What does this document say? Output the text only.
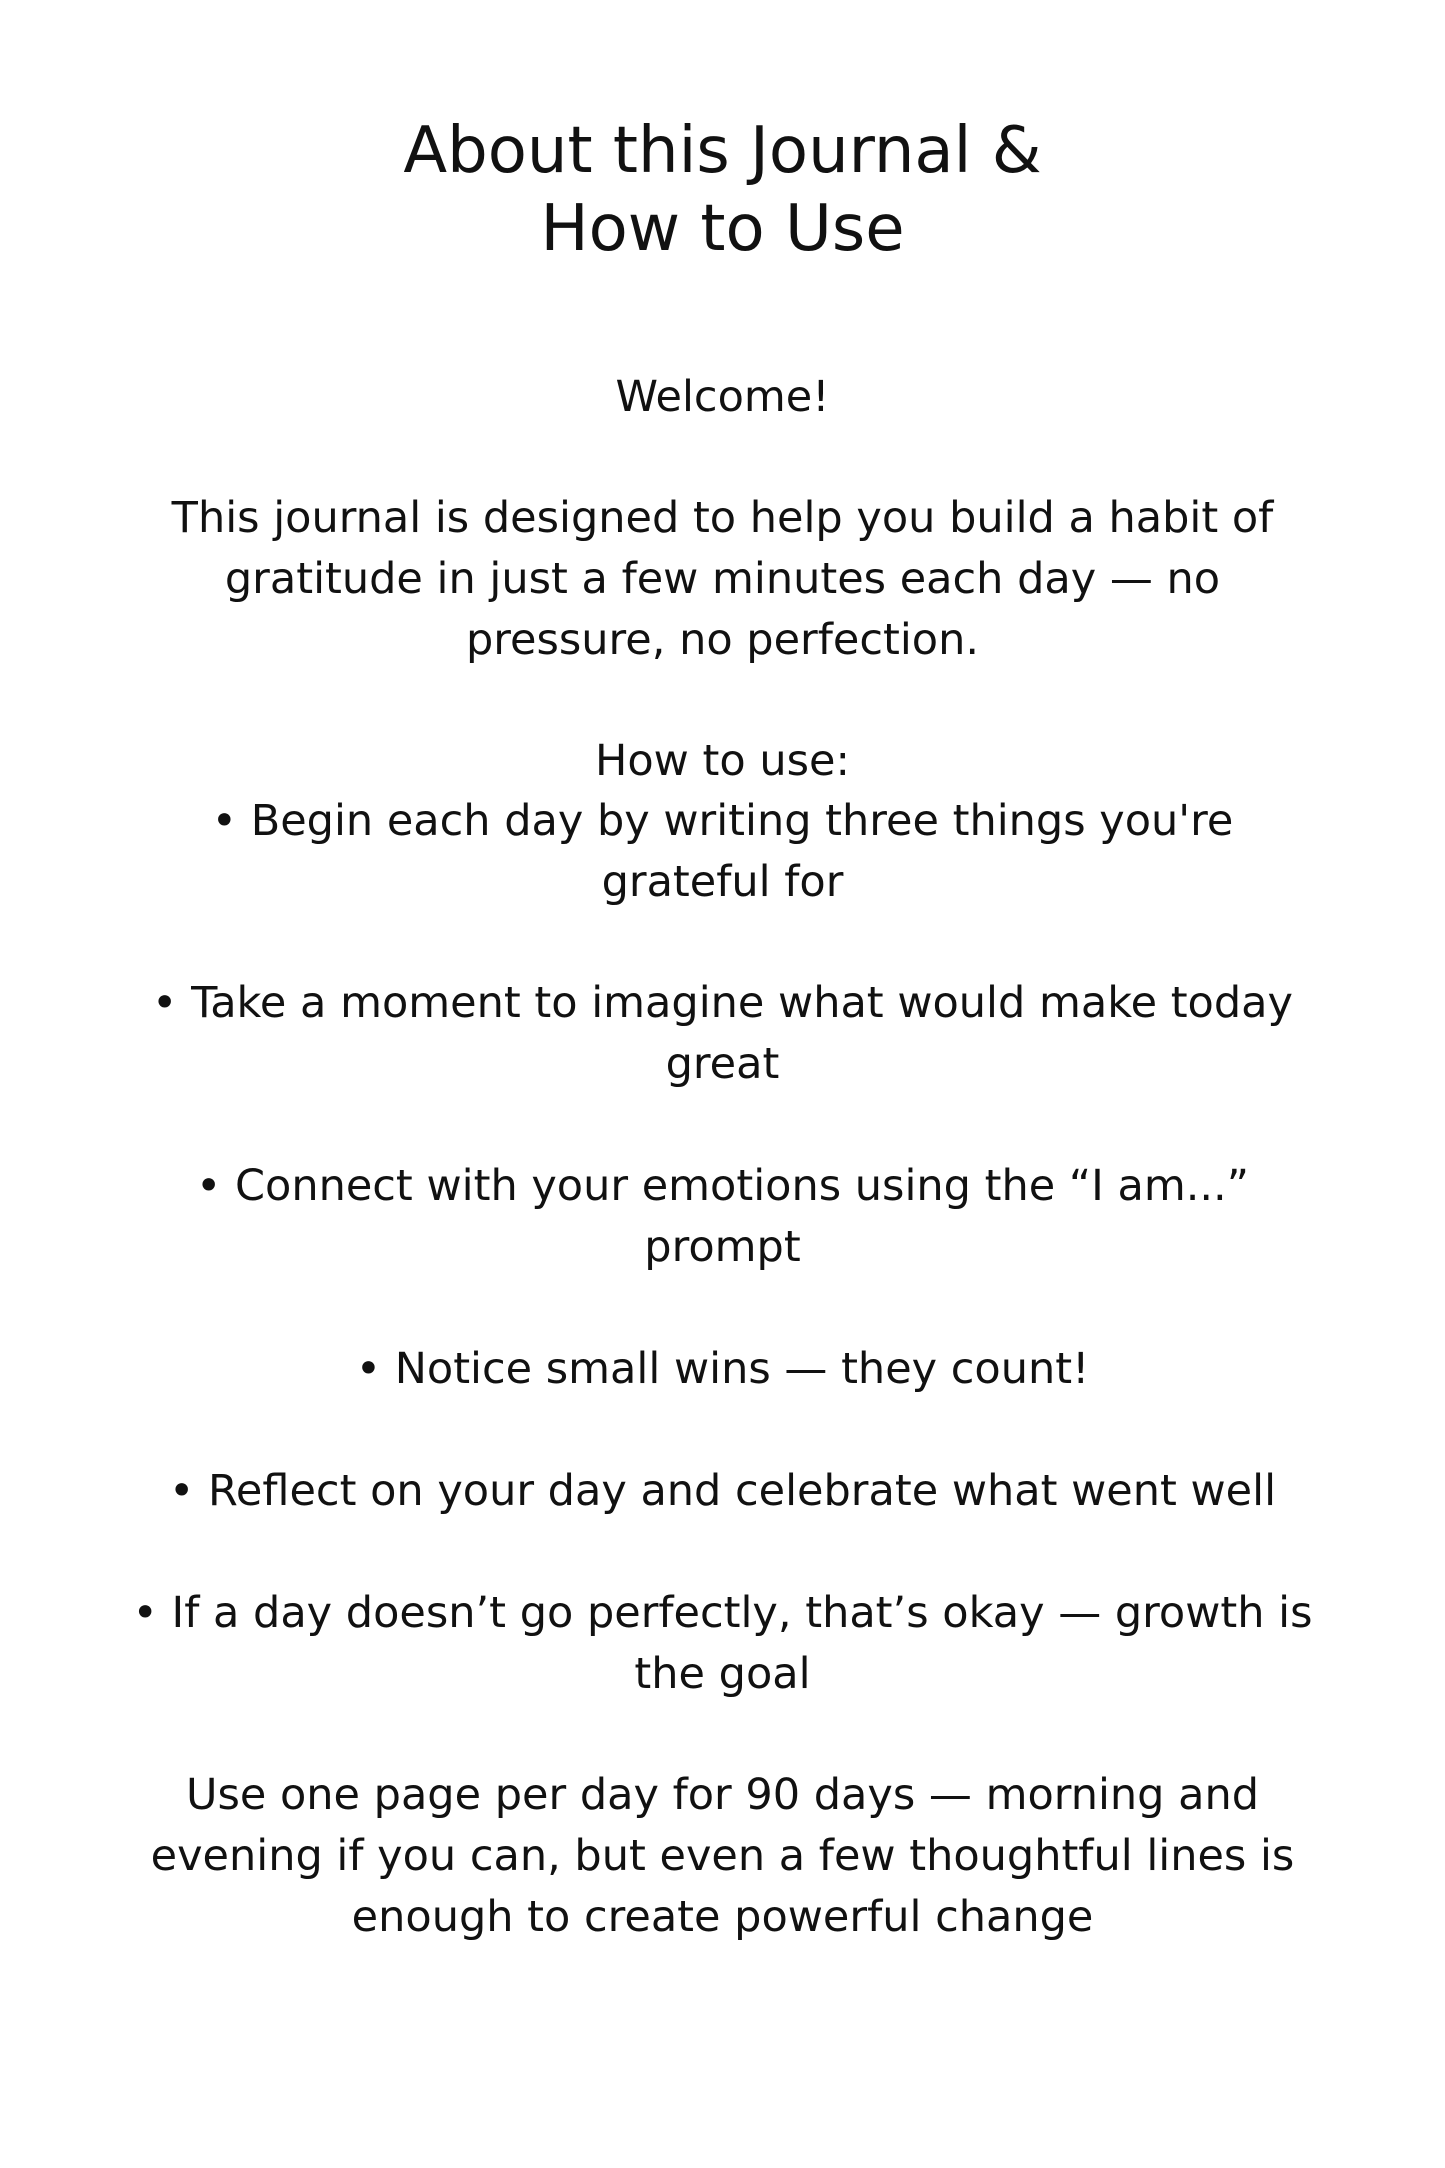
About this Journal &
How to Use

Welcome!

This journal is designed to help you build a habit of
gratitude in just a few minutes each day — no
pressure, no perfection.

How to use:

• Begin each day by writing three things you're
grateful for

• Take a moment to imagine what would make today
great

• Connect with your emotions using the “I am...”
prompt

• Notice small wins — they count!

• Reflect on your day and celebrate what went well

• If a day doesn’t go perfectly, that’s okay — growth is
the goal

Use one page per day for 90 days — morning and
evening if you can, but even a few thoughtful lines is
enough to create powerful change
